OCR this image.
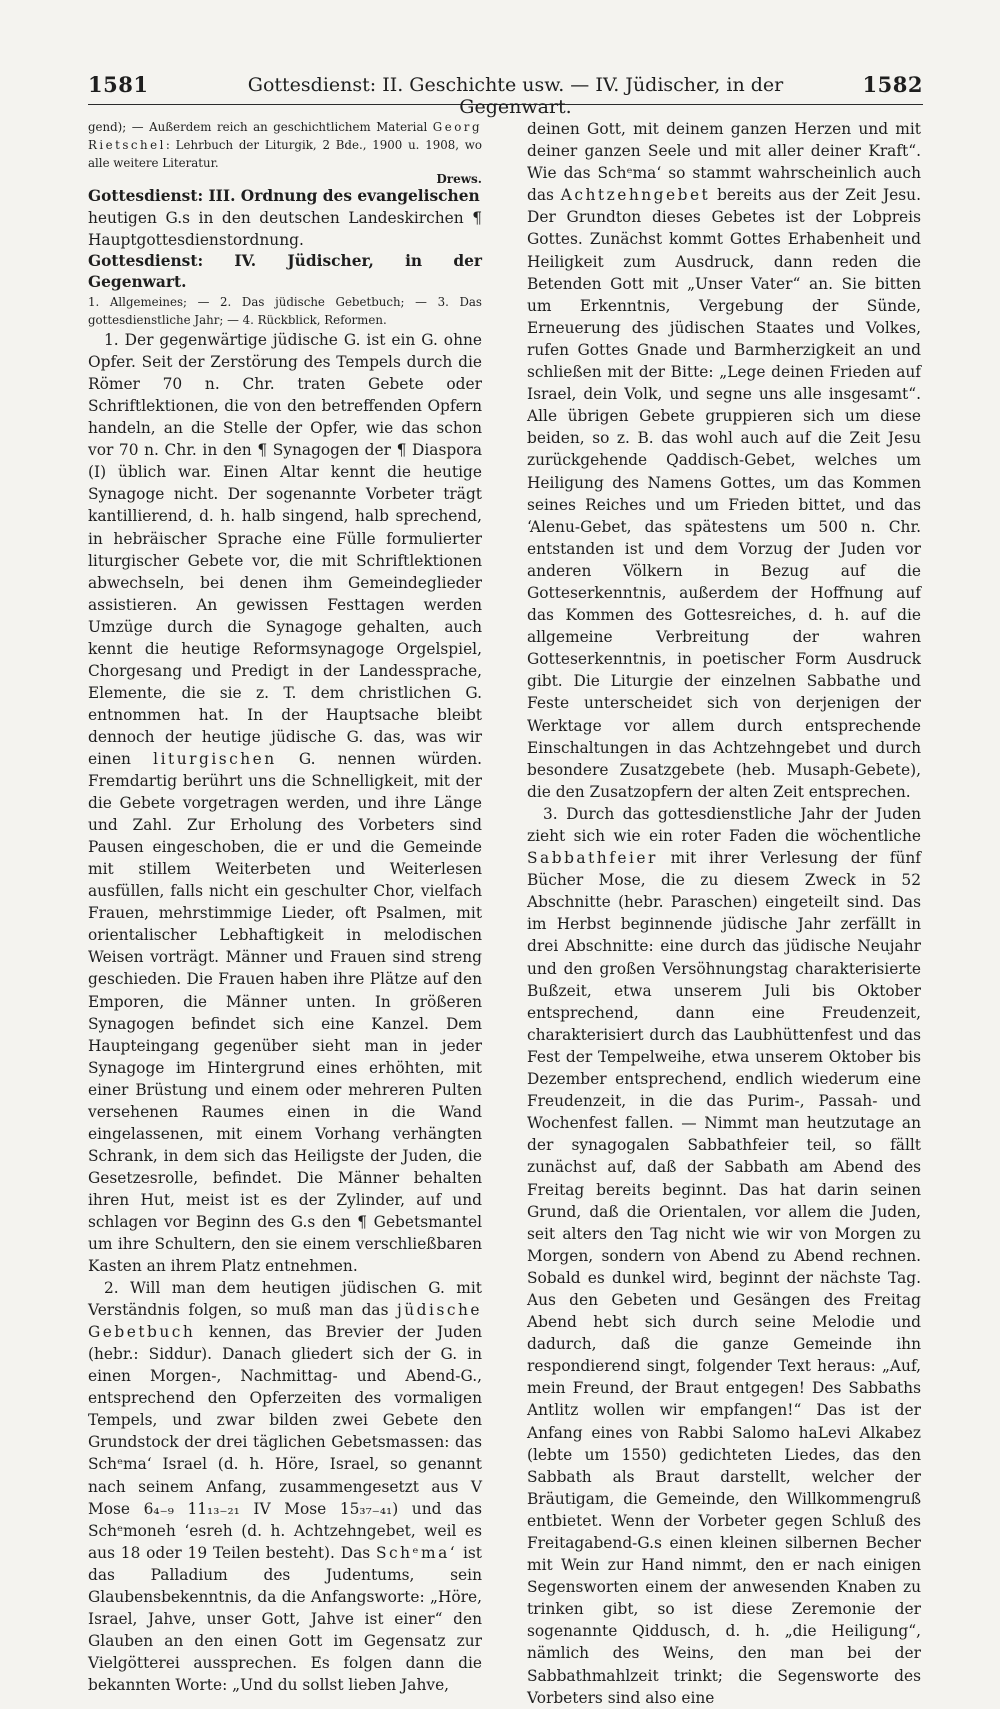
1581	Gottesdienst: II. Geschichte usw. — IV. Jüdischer, in der Gegenwart.
1582

gend); — Außerdem reich an geschichtlichem Material Georg Rietschel: Lehrbuch der Liturgik, 2 Bde., 1900 u. 1908, wo alle weitere Literatur.

Drews.

Gottesdienst: III. Ordnung des evangelischen

heutigen G.s in den deutschen Landeskirchen ¶ Hauptgottesdienstordnung.

Gottesdienst: IV. Jüdischer, in der Gegenwart.

1. Allgemeines; — 2. Das jüdische Gebetbuch; — 3. Das gottesdienstliche Jahr; — 4. Rückblick, Reformen.

1. Der gegenwärtige jüdische G. ist ein G. ohne Opfer. Seit der Zerstörung des Tempels durch die Römer 70 n. Chr. traten Gebete oder Schriftlektionen, die von den betreffenden Opfern handeln, an die Stelle der Opfer, wie das schon vor 70 n. Chr. in den ¶ Synagogen der ¶ Diaspora (I) üblich war. Einen Altar kennt die heutige Synagoge nicht. Der sogenannte Vorbeter trägt kantillierend, d. h. halb singend, halb sprechend, in hebräischer Sprache eine Fülle formulierter liturgischer Gebete vor, die mit Schriftlektionen abwechseln, bei denen ihm Gemeindeglieder assistieren. An gewissen Festtagen werden Umzüge durch die Synagoge gehalten, auch kennt die heutige Reformsynagoge Orgelspiel, Chorgesang und Predigt in der Landessprache, Elemente, die sie z. T. dem christlichen G. entnommen hat. In der Hauptsache bleibt dennoch der heutige jüdische G. das, was wir einen liturgischen G. nennen würden. Fremdartig berührt uns die Schnelligkeit, mit der die Gebete vorgetragen werden, und ihre Länge und Zahl. Zur Erholung des Vorbeters sind Pausen eingeschoben, die er und die Gemeinde mit stillem Weiterbeten und Weiterlesen ausfüllen, falls nicht ein geschulter Chor, vielfach Frauen, mehrstimmige Lieder, oft Psalmen, mit orientalischer Lebhaftigkeit in melodischen Weisen vorträgt. Männer und Frauen sind streng geschieden. Die Frauen haben ihre Plätze auf den Emporen, die Männer unten. In größeren Synagogen befindet sich eine Kanzel. Dem Haupteingang gegenüber sieht man in jeder Synagoge im Hintergrund eines erhöhten, mit einer Brüstung und einem oder mehreren Pulten versehenen Raumes einen in die Wand eingelassenen, mit einem Vorhang verhängten Schrank, in dem sich das Heiligste der Juden, die Gesetzesrolle, befindet. Die Männer behalten ihren Hut, meist ist es der Zylinder, auf und schlagen vor Beginn des G.s den ¶ Gebetsmantel um ihre Schultern, den sie einem verschließbaren Kasten an ihrem Platz entnehmen.

2. Will man dem heutigen jüdischen G. mit Verständnis folgen, so muß man das jüdische Gebetbuch kennen, das Brevier der Juden (hebr.: Siddur). Danach gliedert sich der G. in einen Morgen-, Nachmittag- und Abend-G., entsprechend den Opferzeiten des vormaligen Tempels, und zwar bilden zwei Gebete den Grundstock der drei täglichen Gebetsmassen: das Schᵉma‘ Israel (d. h. Höre, Israel, so genannt nach seinem Anfang, zusammengesetzt aus V Mose 6₄₋₉ 11₁₃₋₂₁ IV Mose 15₃₇₋₄₁) und das Schᵉmoneh ‘esreh (d. h. Achtzehngebet, weil es aus 18 oder 19 Teilen besteht). Das Schᵉma‘ ist das Palladium des Judentums, sein Glaubensbekenntnis, da die Anfangsworte: „Höre, Israel, Jahve, unser Gott, Jahve ist einer“ den Glauben an den einen Gott im Gegensatz zur Vielgötterei aussprechen. Es folgen dann die bekannten Worte: „Und du sollst lieben Jahve,

deinen Gott, mit deinem ganzen Herzen und mit deiner ganzen Seele und mit aller deiner Kraft“. Wie das Schᵉma‘ so stammt wahrscheinlich auch das Achtzehngebet bereits aus der Zeit Jesu. Der Grundton dieses Gebetes ist der Lobpreis Gottes. Zunächst kommt Gottes Erhabenheit und Heiligkeit zum Ausdruck, dann reden die Betenden Gott mit „Unser Vater“ an. Sie bitten um Erkenntnis, Vergebung der Sünde, Erneuerung des jüdischen Staates und Volkes, rufen Gottes Gnade und Barmherzigkeit an und schließen mit der Bitte: „Lege deinen Frieden auf Israel, dein Volk, und segne uns alle insgesamt“. Alle übrigen Gebete gruppieren sich um diese beiden, so z. B. das wohl auch auf die Zeit Jesu zurückgehende Qaddisch-Gebet, welches um Heiligung des Namens Gottes, um das Kommen seines Reiches und um Frieden bittet, und das ‘Alenu-Gebet, das spätestens um 500 n. Chr. entstanden ist und dem Vorzug der Juden vor anderen Völkern in Bezug auf die Gotteserkenntnis, außerdem der Hoffnung auf das Kommen des Gottesreiches, d. h. auf die allgemeine Verbreitung der wahren Gotteserkenntnis, in poetischer Form Ausdruck gibt. Die Liturgie der einzelnen Sabbathe und Feste unterscheidet sich von derjenigen der Werktage vor allem durch entsprechende Einschaltungen in das Achtzehngebet und durch besondere Zusatzgebete (heb. Musaph-Gebete), die den Zusatzopfern der alten Zeit entsprechen.

3. Durch das gottesdienstliche Jahr der Juden zieht sich wie ein roter Faden die wöchentliche Sabbathfeier mit ihrer Verlesung der fünf Bücher Mose, die zu diesem Zweck in 52 Abschnitte (hebr. Paraschen) eingeteilt sind. Das im Herbst beginnende jüdische Jahr zerfällt in drei Abschnitte: eine durch das jüdische Neujahr und den großen Versöhnungstag charakterisierte Bußzeit, etwa unserem Juli bis Oktober entsprechend, dann eine Freudenzeit, charakterisiert durch das Laubhüttenfest und das Fest der Tempelweihe, etwa unserem Oktober bis Dezember entsprechend, endlich wiederum eine Freudenzeit, in die das Purim-, Passah- und Wochenfest fallen. — Nimmt man heutzutage an der synagogalen Sabbathfeier teil, so fällt zunächst auf, daß der Sabbath am Abend des Freitag bereits beginnt. Das hat darin seinen Grund, daß die Orientalen, vor allem die Juden, seit alters den Tag nicht wie wir von Morgen zu Morgen, sondern von Abend zu Abend rechnen. Sobald es dunkel wird, beginnt der nächste Tag. Aus den Gebeten und Gesängen des Freitag Abend hebt sich durch seine Melodie und dadurch, daß die ganze Gemeinde ihn respondierend singt, folgender Text heraus: „Auf, mein Freund, der Braut entgegen! Des Sabbaths Antlitz wollen wir empfangen!“ Das ist der Anfang eines von Rabbi Salomo haLevi Alkabez (lebte um 1550) gedichteten Liedes, das den Sabbath als Braut darstellt, welcher der Bräutigam, die Gemeinde, den Willkommengruß entbietet. Wenn der Vorbeter gegen Schluß des Freitagabend-G.s einen kleinen silbernen Becher mit Wein zur Hand nimmt, den er nach einigen Segensworten einem der anwesenden Knaben zu trinken gibt, so ist diese Zeremonie der sogenannte Qiddusch, d. h. „die Heiligung“, nämlich des Weins, den man bei der Sabbathmahlzeit trinkt; die Segensworte des Vorbeters sind also eine
